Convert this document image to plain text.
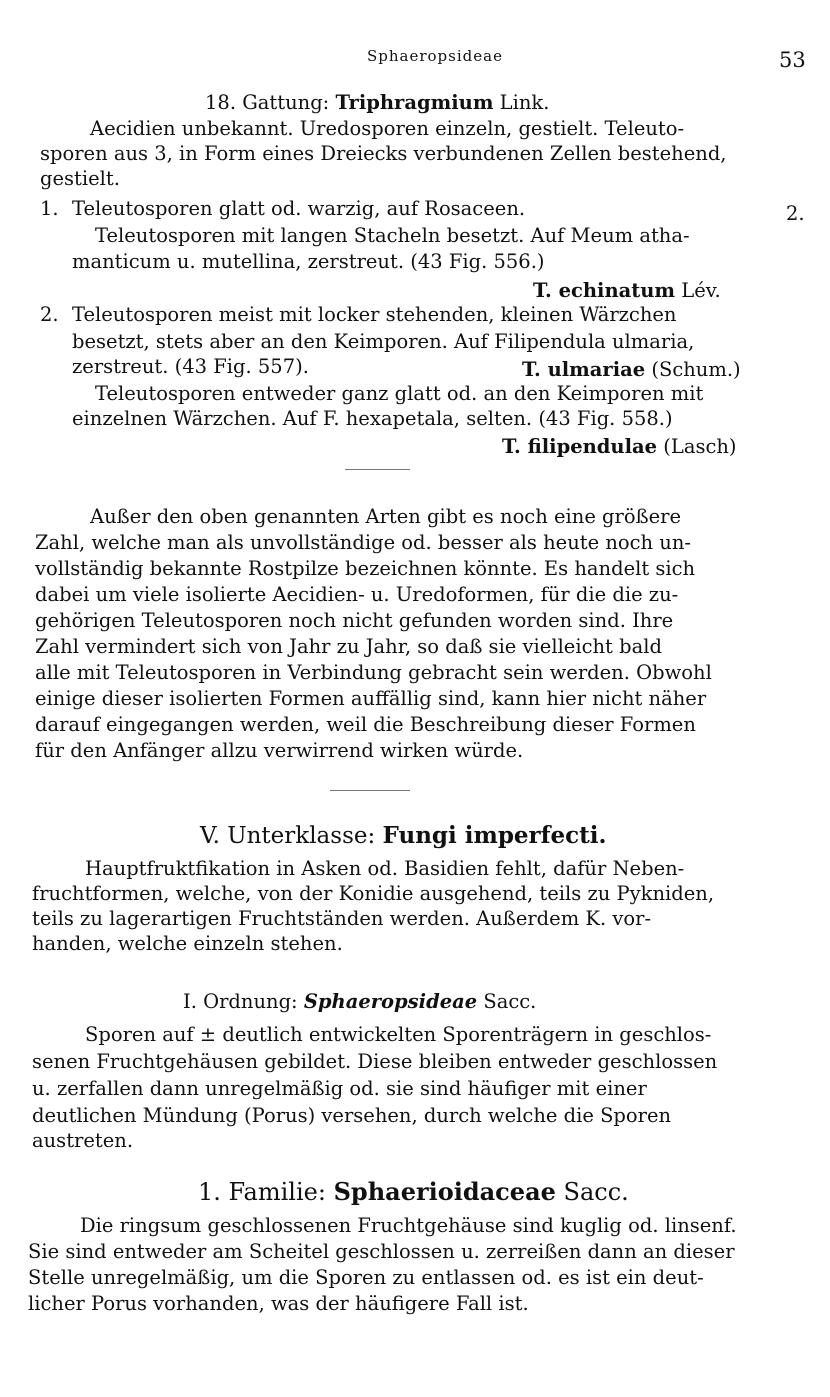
Sphaeropsideae	53
18. Gattung: Triphragmium Link.
Aecidien unbekannt. Uredosporen einzeln, gestielt. Teleuto-
sporen aus 3, in Form eines Dreiecks verbundenen Zellen bestehend,
gestielt.
1. Teleutosporen glatt od. warzig, auf Rosaceen.	2.
Teleutosporen mit langen Stacheln besetzt. Auf Meum atha-
manticum u. mutellina, zerstreut. (43 Fig. 556.)
T. echinatum Lév.
2. Teleutosporen meist mit locker stehenden, kleinen Wärzchen
besetzt, stets aber an den Keimporen. Auf Filipendula ulmaria,
zerstreut. (43 Fig. 557).	T. ulmariae (Schum.)
Teleutosporen entweder ganz glatt od. an den Keimporen mit
einzelnen Wärzchen. Auf F. hexapetala, selten. (43 Fig. 558.)
T. filipendulae (Lasch)
Außer den oben genannten Arten gibt es noch eine größere
Zahl, welche man als unvollständige od. besser als heute noch un-
vollständig bekannte Rostpilze bezeichnen könnte. Es handelt sich
dabei um viele isolierte Aecidien- u. Uredoformen, für die die zu-
gehörigen Teleutosporen noch nicht gefunden worden sind. Ihre
Zahl vermindert sich von Jahr zu Jahr, so daß sie vielleicht bald
alle mit Teleutosporen in Verbindung gebracht sein werden. Obwohl
einige dieser isolierten Formen auffällig sind, kann hier nicht näher
darauf eingegangen werden, weil die Beschreibung dieser Formen
für den Anfänger allzu verwirrend wirken würde.
V. Unterklasse: Fungi imperfecti.
Hauptfruktfikation in Asken od. Basidien fehlt, dafür Neben-
fruchtformen, welche, von der Konidie ausgehend, teils zu Pykniden,
teils zu lagerartigen Fruchtständen werden. Außerdem K. vor-
handen, welche einzeln stehen.
I. Ordnung: Sphaeropsideae Sacc.
Sporen auf ± deutlich entwickelten Sporenträgern in geschlos-
senen Fruchtgehäusen gebildet. Diese bleiben entweder geschlossen
u. zerfallen dann unregelmäßig od. sie sind häufiger mit einer
deutlichen Mündung (Porus) versehen, durch welche die Sporen
austreten.
1. Familie: Sphaerioidaceae Sacc.
Die ringsum geschlossenen Fruchtgehäuse sind kuglig od. linsenf.
Sie sind entweder am Scheitel geschlossen u. zerreißen dann an dieser
Stelle unregelmäßig, um die Sporen zu entlassen od. es ist ein deut-
licher Porus vorhanden, was der häufigere Fall ist.
